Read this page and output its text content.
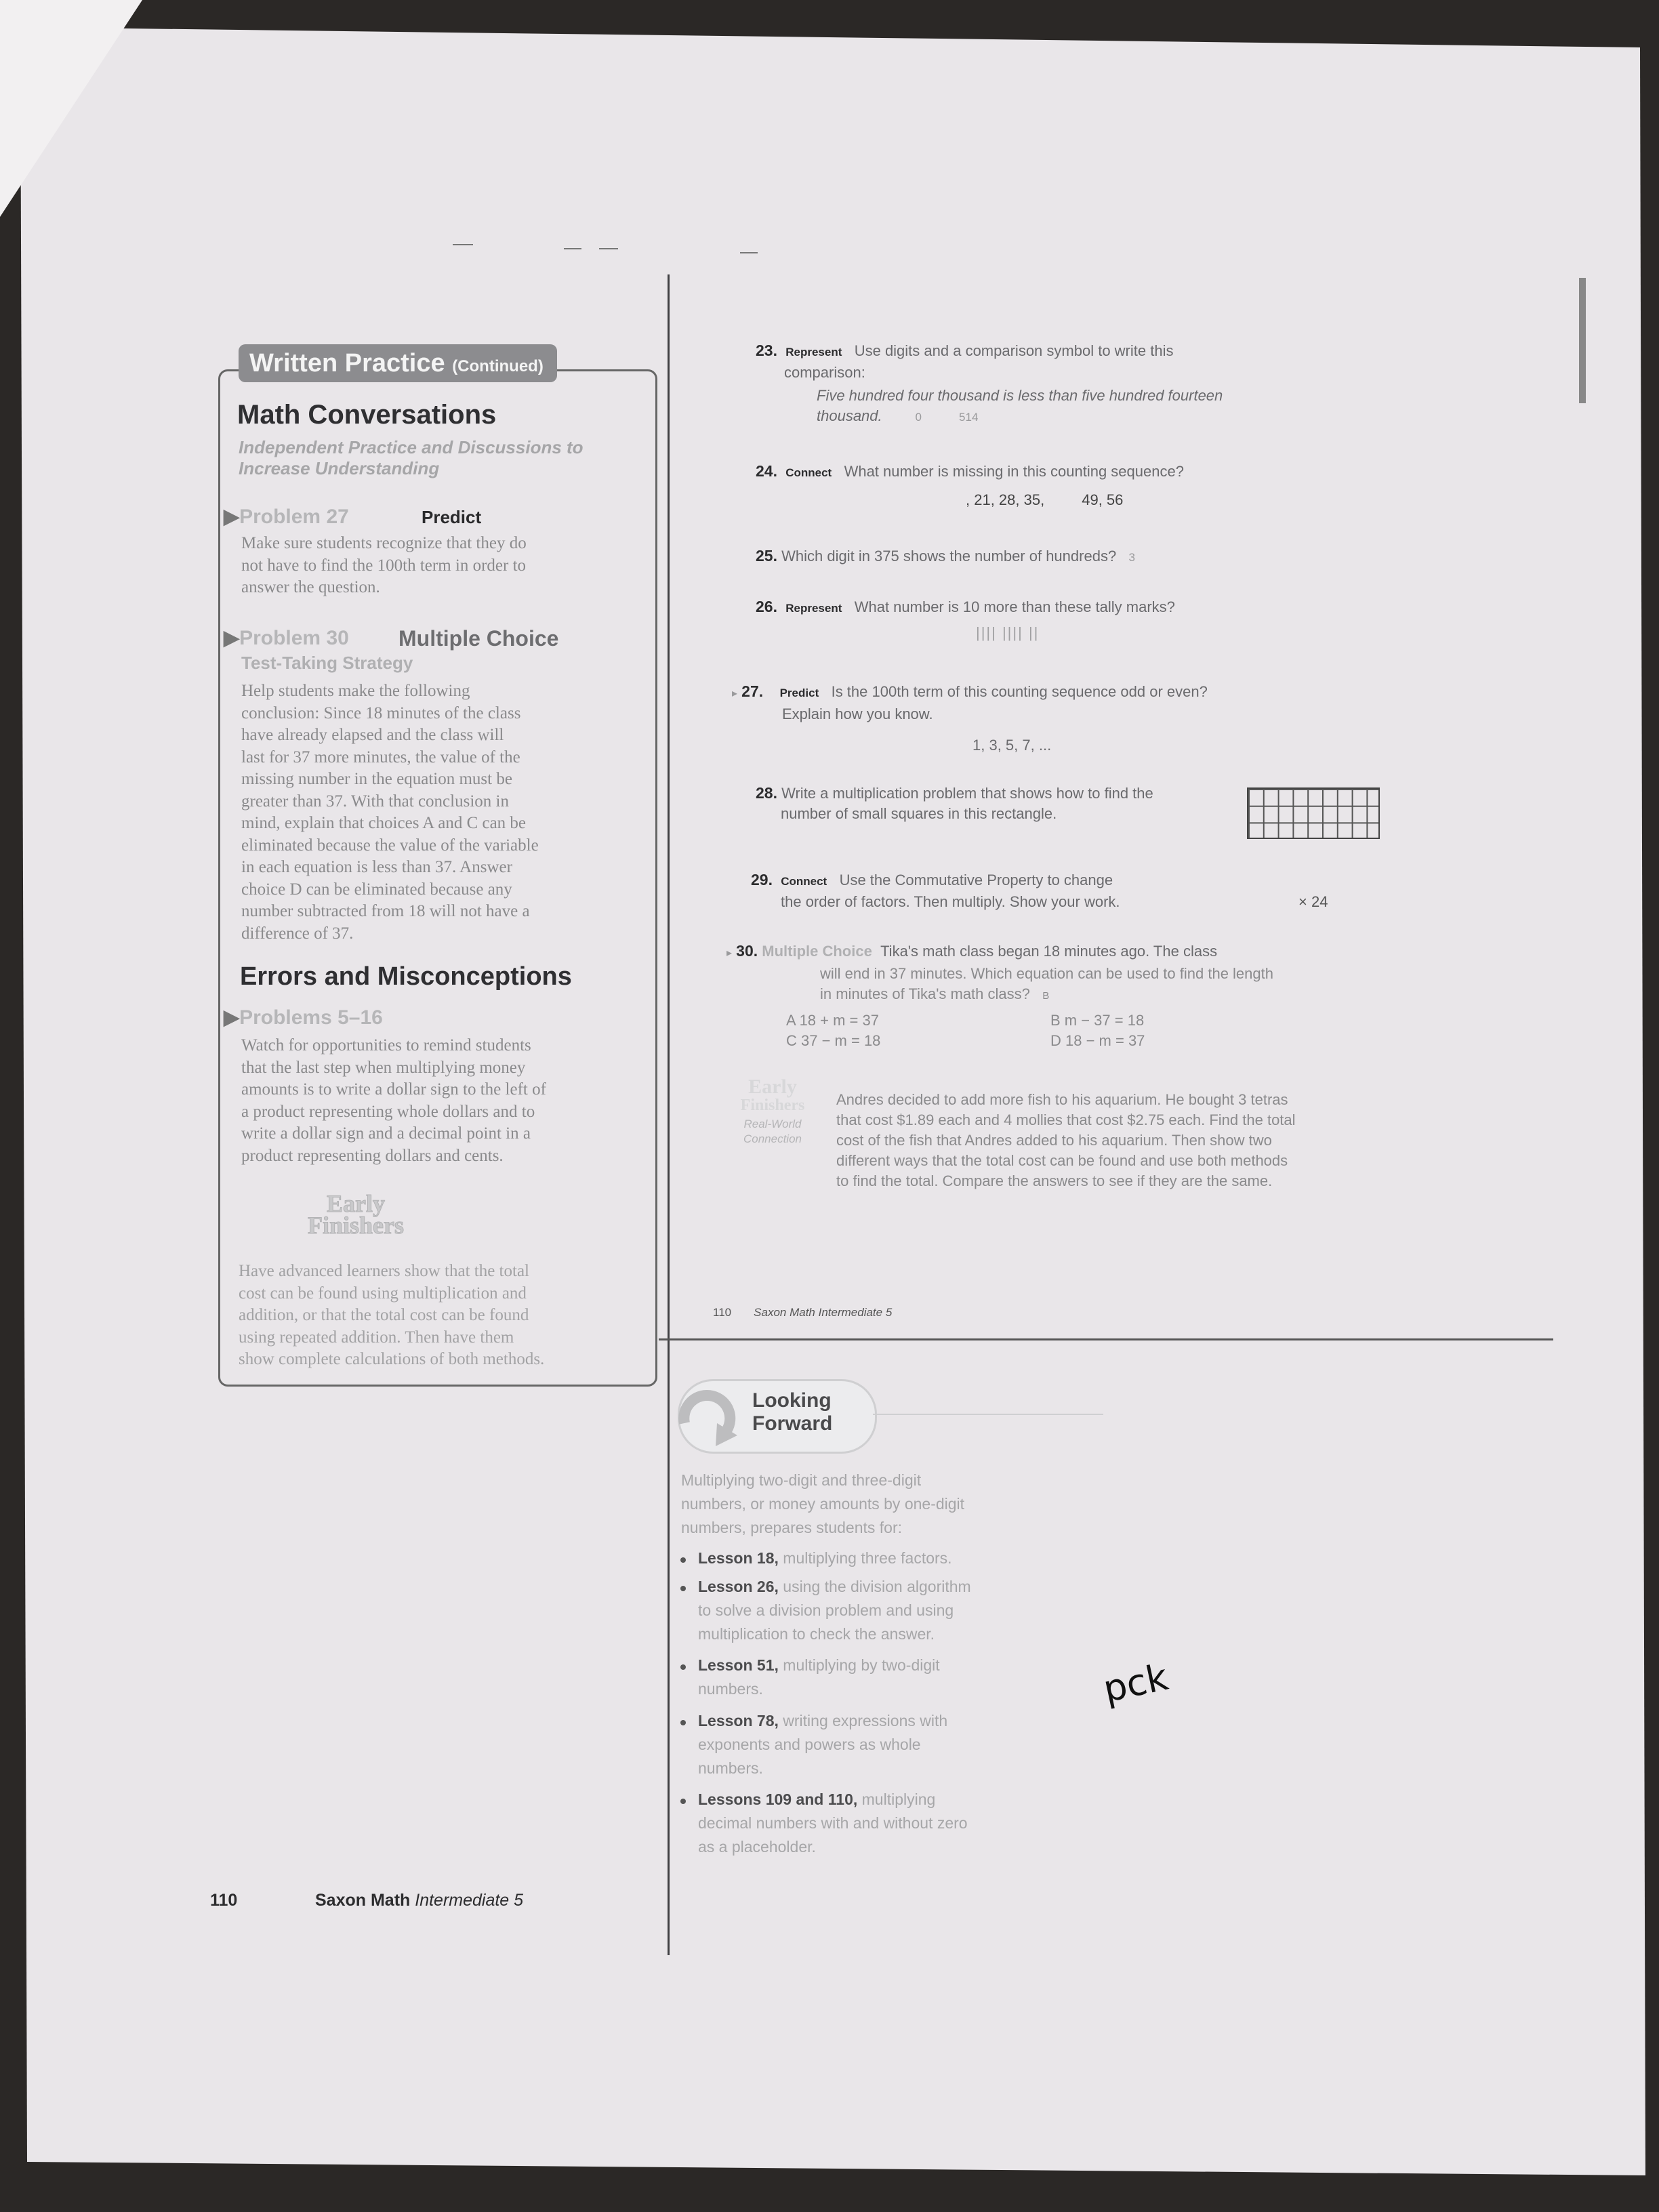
Written Practice (Continued)
Math Conversations
Independent Practice and Discussions to
Increase Understanding
▶Problem 27	Predict
Make sure students recognize that they do
not have to find the 100th term in order to
answer the question.
▶Problem 30 Multiple Choice
Test-Taking Strategy
Help students make the following
conclusion: Since 18 minutes of the class
have already elapsed and the class will
last for 37 more minutes, the value of the
missing number in the equation must be
greater than 37. With that conclusion in
mind, explain that choices A and C can be
eliminated because the value of the variable
in each equation is less than 37. Answer
choice D can be eliminated because any
number subtracted from 18 will not have a
difference of 37.
Errors and Misconceptions
▶Problems 5–16
Watch for opportunities to remind students
that the last step when multiplying money
amounts is to write a dollar sign to the left of
a product representing whole dollars and to
write a dollar sign and a decimal point in a
product representing dollars and cents.
Early
Finishers
Have advanced learners show that the total
cost can be found using multiplication and
addition, or that the total cost can be found
using repeated addition. Then have them
show complete calculations of both methods.
23. Represent Use digits and a comparison symbol to write this
comparison:
Five hundred four thousand is less than five hundred fourteen
thousand.	0	514
24. Connect What number is missing in this counting sequence?
, 21, 28, 35,	49, 56
25. Which digit in 375 shows the number of hundreds? 3
26. Represent What number is 10 more than these tally marks?
|||| |||| ||
▸ 27. Predict Is the 100th term of this counting sequence odd or even?
Explain how you know.
1, 3, 5, 7, ...
28. Write a multiplication problem that shows how to find the
number of small squares in this rectangle.
29. Connect Use the Commutative Property to change
the order of factors. Then multiply. Show your work.	× 24
▸ 30. Multiple Choice Tika's math class began 18 minutes ago. The class
will end in 37 minutes. Which equation can be used to find the length
in minutes of Tika's math class? B
A 18 + m = 37	B m − 37 = 18
C 37 − m = 18	D 18 − m = 37
Early
Finishers
Real-World
Connection
Andres decided to add more fish to his aquarium. He bought 3 tetras
that cost $1.89 each and 4 mollies that cost $2.75 each. Find the total
cost of the fish that Andres added to his aquarium. Then show two
different ways that the total cost can be found and use both methods
to find the total. Compare the answers to see if they are the same.
110 Saxon Math Intermediate 5
Looking
Forward
Multiplying two-digit and three-digit
numbers, or money amounts by one-digit
numbers, prepares students for:
Lesson 18, multiplying three factors.
Lesson 26, using the division algorithm
to solve a division problem and using
multiplication to check the answer.
Lesson 51, multiplying by two-digit
numbers.
Lesson 78, writing expressions with
exponents and powers as whole
numbers.
Lessons 109 and 110, multiplying
decimal numbers with and without zero
as a placeholder.
pck
110	Saxon Math Intermediate 5
